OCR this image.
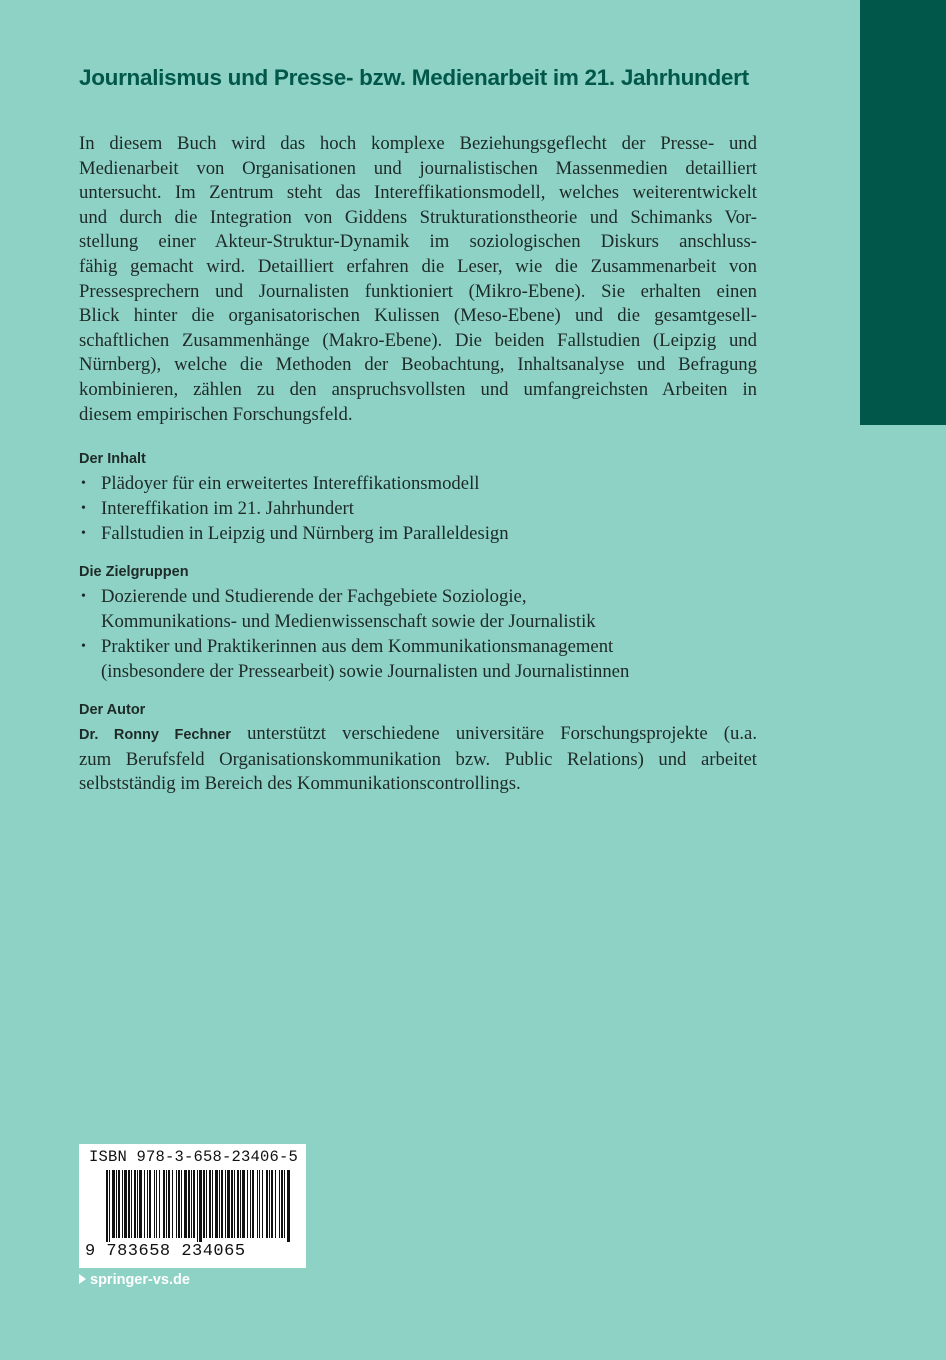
Journalismus und Presse- bzw. Medienarbeit im 21. Jahrhundert
In diesem Buch wird das hoch komplexe Beziehungsgeflecht der Presse- und
Medienarbeit von Organisationen und journalistischen Massenmedien detailliert
untersucht. Im Zentrum steht das Intereffikationsmodell, welches weiterentwickelt
und durch die Integration von Giddens Strukturationstheorie und Schimanks Vor-
stellung einer Akteur-Struktur-Dynamik im soziologischen Diskurs anschluss-
fähig gemacht wird. Detailliert erfahren die Leser, wie die Zusammenarbeit von
Pressesprechern und Journalisten funktioniert (Mikro-Ebene). Sie erhalten einen
Blick hinter die organisatorischen Kulissen (Meso-Ebene) und die gesamtgesell-
schaftlichen Zusammenhänge (Makro-Ebene). Die beiden Fallstudien (Leipzig und
Nürnberg), welche die Methoden der Beobachtung, Inhaltsanalyse und Befragung
kombinieren, zählen zu den anspruchsvollsten und umfangreichsten Arbeiten in
diesem empirischen Forschungsfeld.
Der Inhalt
• Plädoyer für ein erweitertes Intereffikationsmodell
• Intereffikation im 21. Jahrhundert
• Fallstudien in Leipzig und Nürnberg im Paralleldesign
Die Zielgruppen
• Dozierende und Studierende der Fachgebiete Soziologie,
Kommunikations- und Medienwissenschaft sowie der Journalistik
• Praktiker und Praktikerinnen aus dem Kommunikationsmanagement
(insbesondere der Pressearbeit) sowie Journalisten und Journalistinnen
Der Autor
Dr. Ronny Fechner unterstützt verschiedene universitäre Forschungsprojekte (u.a.
zum Berufsfeld Organisationskommunikation bzw. Public Relations) und arbeitet
selbstständig im Bereich des Kommunikationscontrollings.
ISBN 978-3-658-23406-5
9 783658 234065
springer-vs.de
